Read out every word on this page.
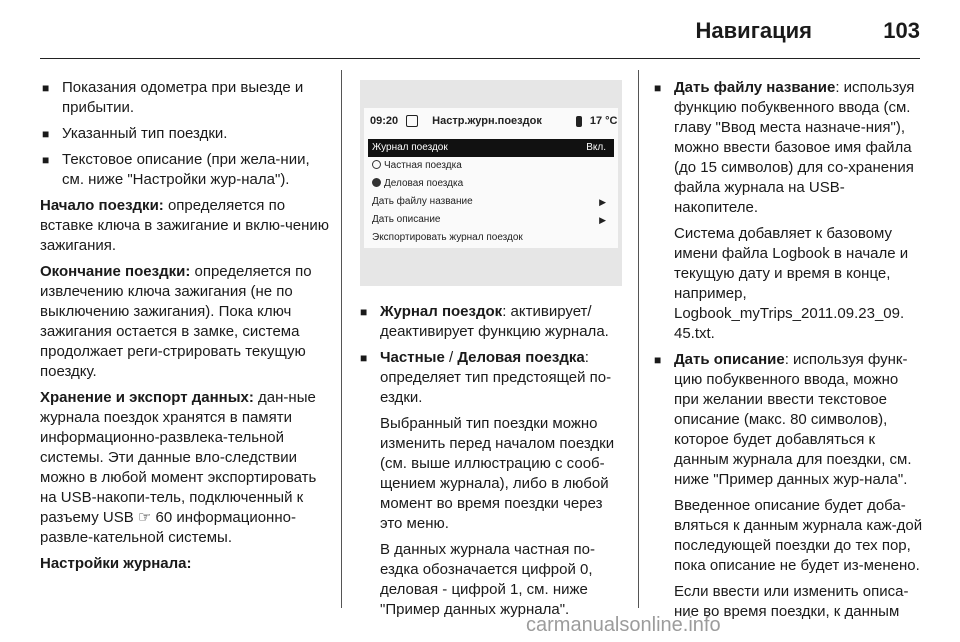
Навигация	103
■ Показания одометра при выезде и прибытии.
■ Указанный тип поездки.
■ Текстовое описание (при жела-нии, см. ниже "Настройки жур-нала").

Начало поездки: определяется по вставке ключа в зажигание и вклю-чению зажигания.

Окончание поездки: определяется по извлечению ключа зажигания (не по выключению зажигания). Пока ключ зажигания остается в замке, система продолжает реги-стрировать текущую поездку.

Хранение и экспорт данных: дан-ные журнала поездок хранятся в памяти информационно-развлека-тельной системы. Эти данные вло-следствии можно в любой момент экспортировать на USB-накопи-тель, подключенный к разъему USB ☞ 60 информационно-развле-кательной системы.

Настройки журнала:

09:20	Настр.журн.поездок	17 °C
Журнал поездок	Вкл.
Частная поездка
Деловая поездка
Дать файлу название	▶
Дать описание	▶
Экспортировать журнал поездок
■ Журнал поездок: активирует/ деактивирует функцию журнала.
■ Частные / Деловая поездка: определяет тип предстоящей по-ездки.

Выбранный тип поездки можно изменить перед началом поездки (см. выше иллюстрацию с сооб-щением журнала), либо в любой момент во время поездки через это меню.

В данных журнала частная по-ездка обозначается цифрой 0, деловая - цифрой 1, см. ниже "Пример данных журнала".

■ Дать файлу название: используя функцию побуквенного ввода (см. главу "Ввод места назначе-ния"), можно ввести базовое имя файла (до 15 символов) для со-хранения файла журнала на USB-накопителе.

Система добавляет к базовому имени файла Logbook в начале и текущую дату и время в конце, например, Logbook_myTrips_2011.09.23_09. 45.txt.

■ Дать описание: используя функ-цию побуквенного ввода, можно при желании ввести текстовое описание (макс. 80 символов), которое будет добавляться к данным журнала для поездки, см. ниже "Пример данных жур-нала".

Введенное описание будет доба-вляться к данным журнала каж-дой последующей поездки до тех пор, пока описание не будет из-менено.

Если ввести или изменить описа-ние во время поездки, к данным

carmanualsonline.info
